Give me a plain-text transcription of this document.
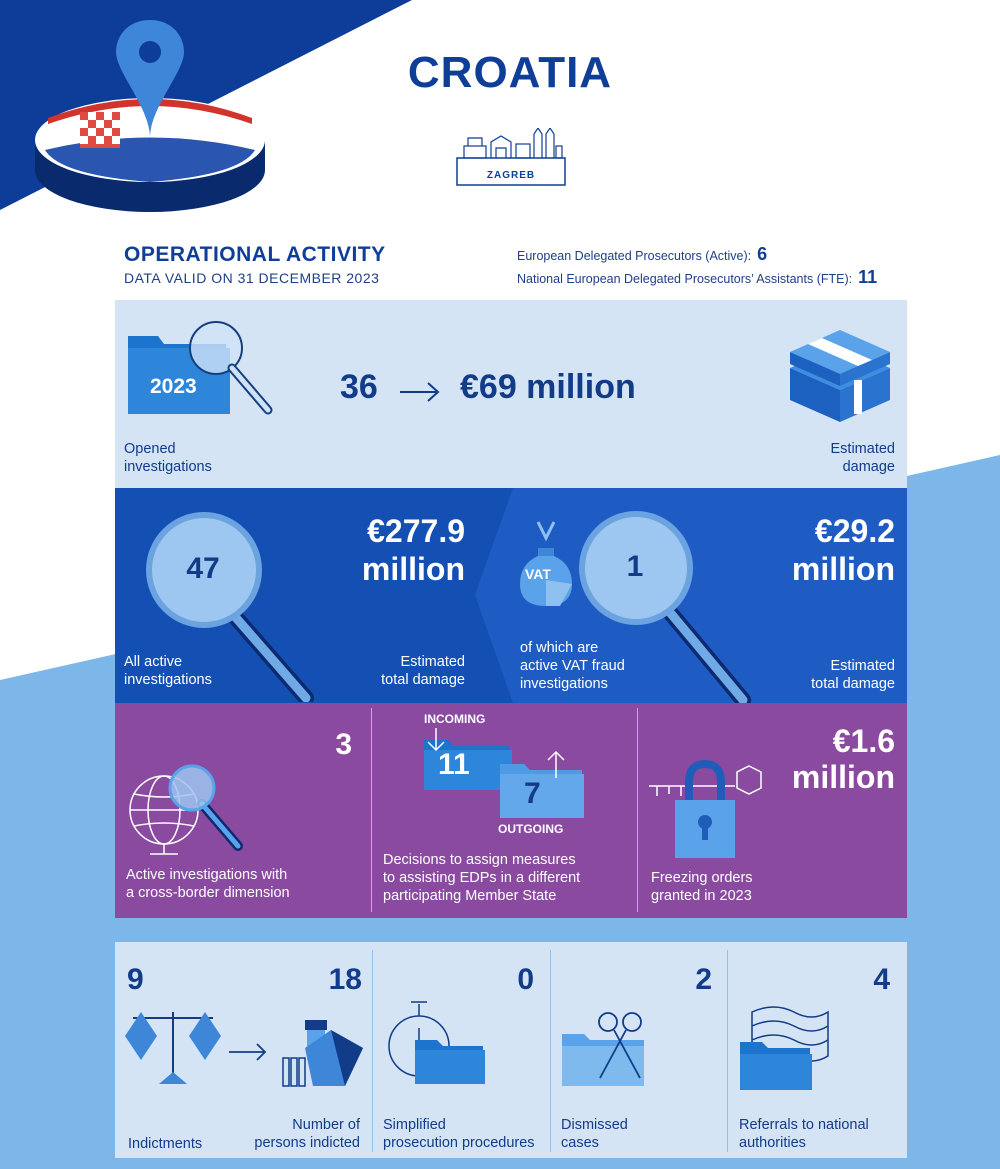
CROATIA
ZAGREB
OPERATIONAL ACTIVITY
DATA VALID ON 31 DECEMBER 2023
European Delegated Prosecutors (Active): 6
National European Delegated Prosecutors’ Assistants (FTE): 11
2023	36 €69 million
Opened
investigations
Estimated
damage
47
€277.9
million
All active
investigations
Estimated
total damage
VAT	1
€29.2
million
of which are
active VAT fraud
investigations
Estimated
total damage
3
Active investigations with
a cross-border dimension
INCOMING
11
7
OUTGOING
Decisions to assign measures
to assisting EDPs in a different
participating Member State
€1.6
million
Freezing orders
granted in 2023
9	18
Indictments
Number of
persons indicted
0
Simplified
prosecution procedures
2
Dismissed
cases
4
Referrals to national
authorities
